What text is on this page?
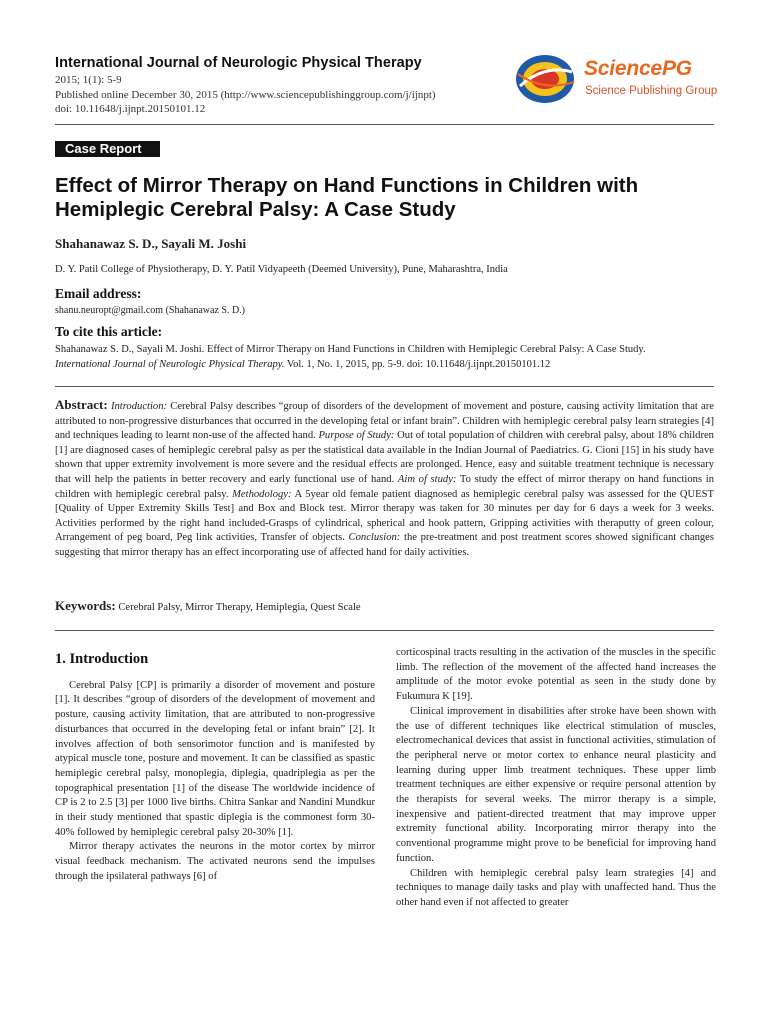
International Journal of Neurologic Physical Therapy
2015; 1(1): 5-9
Published online December 30, 2015 (http://www.sciencepublishinggroup.com/j/ijnpt)
doi: 10.11648/j.ijnpt.20150101.12
SciencePG
Science Publishing Group
Case Report
Effect of Mirror Therapy on Hand Functions in Children with Hemiplegic Cerebral Palsy: A Case Study
Shahanawaz S. D., Sayali M. Joshi
D. Y. Patil College of Physiotherapy, D. Y. Patil Vidyapeeth (Deemed University), Pune, Maharashtra, India
Email address:
shanu.neuropt@gmail.com (Shahanawaz S. D.)
To cite this article:
Shahanawaz S. D., Sayali M. Joshi. Effect of Mirror Therapy on Hand Functions in Children with Hemiplegic Cerebral Palsy: A Case Study.
International Journal of Neurologic Physical Therapy. Vol. 1, No. 1, 2015, pp. 5-9. doi: 10.11648/j.ijnpt.20150101.12
Abstract: Introduction: Cerebral Palsy describes “group of disorders of the development of movement and posture, causing activity limitation that are attributed to non-progressive disturbances that occurred in the developing fetal or infant brain”. Children with hemiplegic cerebral palsy learn strategies [4] and techniques leading to learnt non-use of the affected hand. Purpose of Study: Out of total population of children with cerebral palsy, about 18% children [1] are diagnosed cases of hemiplegic cerebral palsy as per the statistical data available in the Indian Journal of Paediatrics. G. Cioni [15] in his study have shown that upper extremity involvement is more severe and the residual effects are prolonged. Hence, easy and suitable treatment technique is necessary that will help the patients in better recovery and early functional use of hand. Aim of study: To study the effect of mirror therapy on hand functions in children with hemiplegic cerebral palsy. Methodology: A 5year old female patient diagnosed as hemiplegic cerebral palsy was assessed for the QUEST [Quality of Upper Extremity Skills Test] and Box and Block test. Mirror therapy was taken for 30 minutes per day for 6 days a week for 3 weeks. Activities performed by the right hand included-Grasps of cylindrical, spherical and hook pattern, Gripping activities with theraputty of green colour, Arrangement of peg board, Peg link activities, Transfer of objects. Conclusion: the pre-treatment and post treatment scores showed significant changes suggesting that mirror therapy has an effect incorporating use of affected hand for daily activities.
Keywords: Cerebral Palsy, Mirror Therapy, Hemiplegia, Quest Scale
1. Introduction

Cerebral Palsy [CP] is primarily a disorder of movement and posture [1]. It describes “group of disorders of the development of movement and posture, causing activity limitation, that are attributed to non-progressive disturbances that occurred in the developing fetal or infant brain” [2]. It involves affection of both sensorimotor function and is manifested by atypical muscle tone, posture and movement. It can be classified as spastic hemiplegic cerebral palsy, monoplegia, diplegia, quadriplegia as per the topographical presentation [1] of the disease The worldwide incidence of CP is 2 to 2.5 [3] per 1000 live births. Chitra Sankar and Nandini Mundkur in their study mentioned that spastic diplegia is the commonest form 30-40% followed by hemiplegic cerebral palsy 20-30% [1].

Mirror therapy activates the neurons in the motor cortex by mirror visual feedback mechanism. The activated neurons send the impulses through the ipsilateral pathways [6] of

corticospinal tracts resulting in the activation of the muscles in the specific limb. The reflection of the movement of the affected hand increases the amplitude of the motor evoke potential as seen in the study done by Fukumura K [19].

Clinical improvement in disabilities after stroke have been shown with the use of different techniques like electrical stimulation of muscles, electromechanical devices that assist in functional activities, stimulation of the peripheral nerve or motor cortex to enhance neural plasticity and learning during upper limb treatment techniques. These upper limb treatment techniques are either expensive or require personal attention by the therapists for several weeks. The mirror therapy is a simple, inexpensive and patient-directed treatment that may improve upper extremity functional ability. Incorporating mirror therapy into the conventional programme might prove to be beneficial for improving hand function.

Children with hemiplegic cerebral palsy learn strategies [4] and techniques to manage daily tasks and play with unaffected hand. Thus the other hand even if not affected to greater
